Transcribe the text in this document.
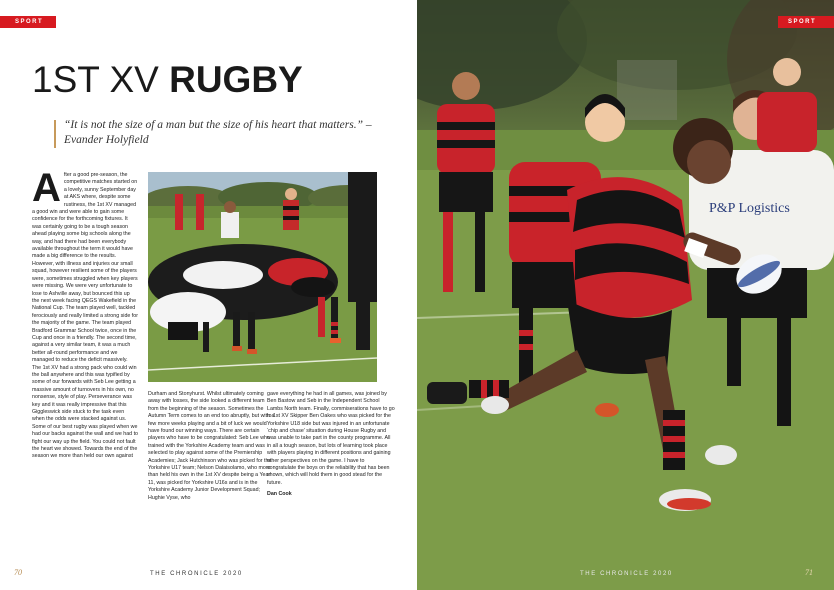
SPORT
1ST XV RUGBY
“It is not the size of a man but the size of his heart that matters.” – Evander Holyfield
A fter a good pre-season, the competitive matches started on a lovely, sunny September day at AKS where, despite some rustiness, the 1st XV managed a good win and were able to gain some confidence for the forthcoming fixtures. It was certainly going to be a tough season ahead playing some big schools along the way, and had there had been everybody available throughout the term it would have made a big difference to the results. However, with illness and injuries our small squad, however resilient some of the players were, sometimes struggled when key players were missing. We were very unfortunate to lose to Ashville away, but bounced this up the next week facing QEGS Wakefield in the National Cup. The team played well, tackled ferociously and really limited a strong side for the majority of the game. The team played Bradford Grammar School twice, once in the Cup and once in a friendly. The second time, against a very similar team, it was a much better all-round performance and we managed to reduce the deficit massively. The 1st XV had a strong pack who could win the ball anywhere and this was typified by some of our forwards with Seb Lee getting a massive amount of turnovers in his own, no nonsense, style of play. Perseverance was key and it was really impressive that this Giggleswick side stuck to the task even when the odds were stacked against us. Some of our best rugby was played when we had our backs against the wall and we had to fight our way up the field. You could not fault the heart we showed. Towards the end of the season we more than held our own against
Durham and Stonyhurst. Whilst ultimately coming away with losses, the side looked a different team from the beginning of the season. Sometimes the Autumn Term comes to an end too abruptly, but with a few more weeks playing and a bit of luck we would have found our winning ways. There are certain players who have to be congratulated: Seb Lee who trained with the Yorkshire Academy team and was selected to play against some of the Premiership Academies; Jack Hutchinson who was picked for the Yorkshire U17 team; Nelson Dalaisolamo, who more than held his own in the 1st XV despite being a Year 11, was picked for Yorkshire U16s and is in the Yorkshire Academy Junior Development Squad; Hughie Vyse, who
gave everything he had in all games, was joined by Ben Bastow and Seb in the Independent School Lambs North team. Finally, commiserations have to go to 1st XV Skipper Ben Oakes who was picked for the Yorkshire U18 side but was injured in an unfortunate ‘chip and chase’ situation during House Rugby and was unable to take part in the county programme. All in all a tough season, but lots of learning took place with players playing in different positions and gaining other perspectives on the game. I have to congratulate the boys on the reliability that has been shown, which will hold them in good stead for the future.
Dan Cook
70	THE CHRONICLE 2020
P&P Logistics
SPORT
THE CHRONICLE 2020	71
